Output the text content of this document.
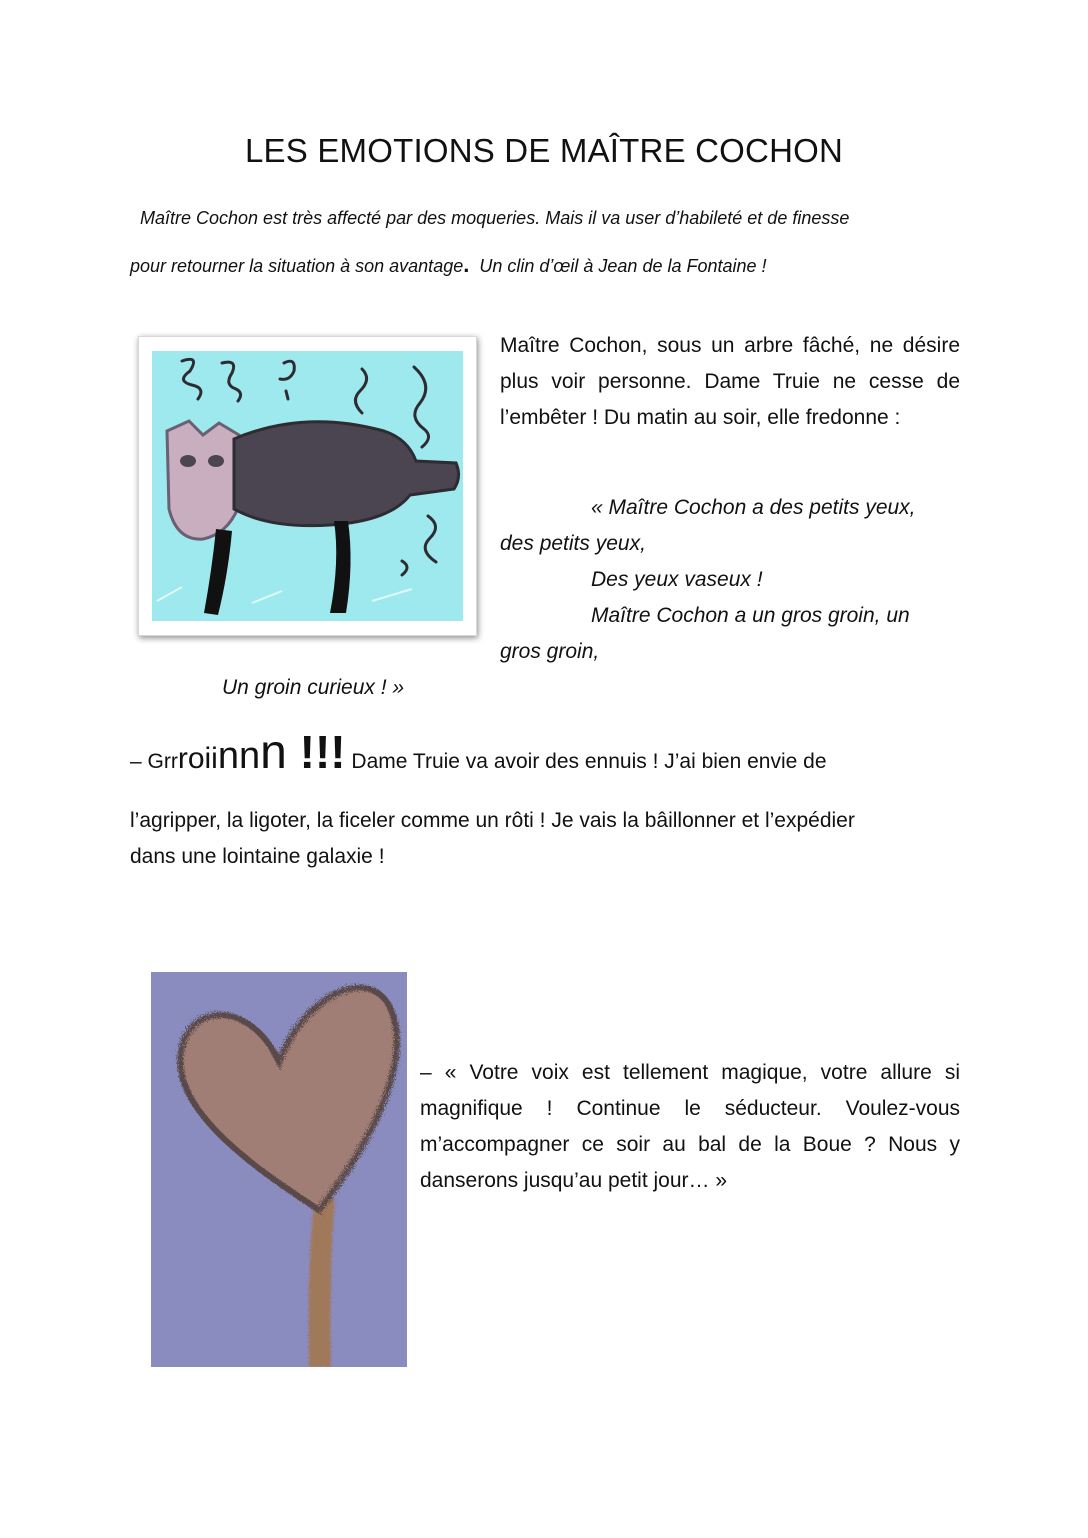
LES EMOTIONS DE MAÎTRE COCHON
Maître Cochon est très affecté par des moqueries. Mais il va user d’habileté et de finesse
pour retourner la situation à son avantage. Un clin d’œil à Jean de la Fontaine !
Maître Cochon, sous un arbre fâché, ne désire plus voir personne. Dame Truie ne cesse de l’embêter ! Du matin au soir, elle fredonne :
« Maître Cochon a des petits yeux,
des petits yeux,
Des yeux vaseux !
Maître Cochon a un gros groin, un
gros groin,
Un groin curieux ! »
– Grrroiinnn !!! Dame Truie va avoir des ennuis ! J’ai bien envie de
l’agripper, la ligoter, la ficeler comme un rôti ! Je vais la bâillonner et l’expédier
dans une lointaine galaxie !
– « Votre voix est tellement magique, votre allure si magnifique ! Continue le séducteur. Voulez-vous m’accompagner ce soir au bal de la Boue ? Nous y danserons jusqu’au petit jour… »
